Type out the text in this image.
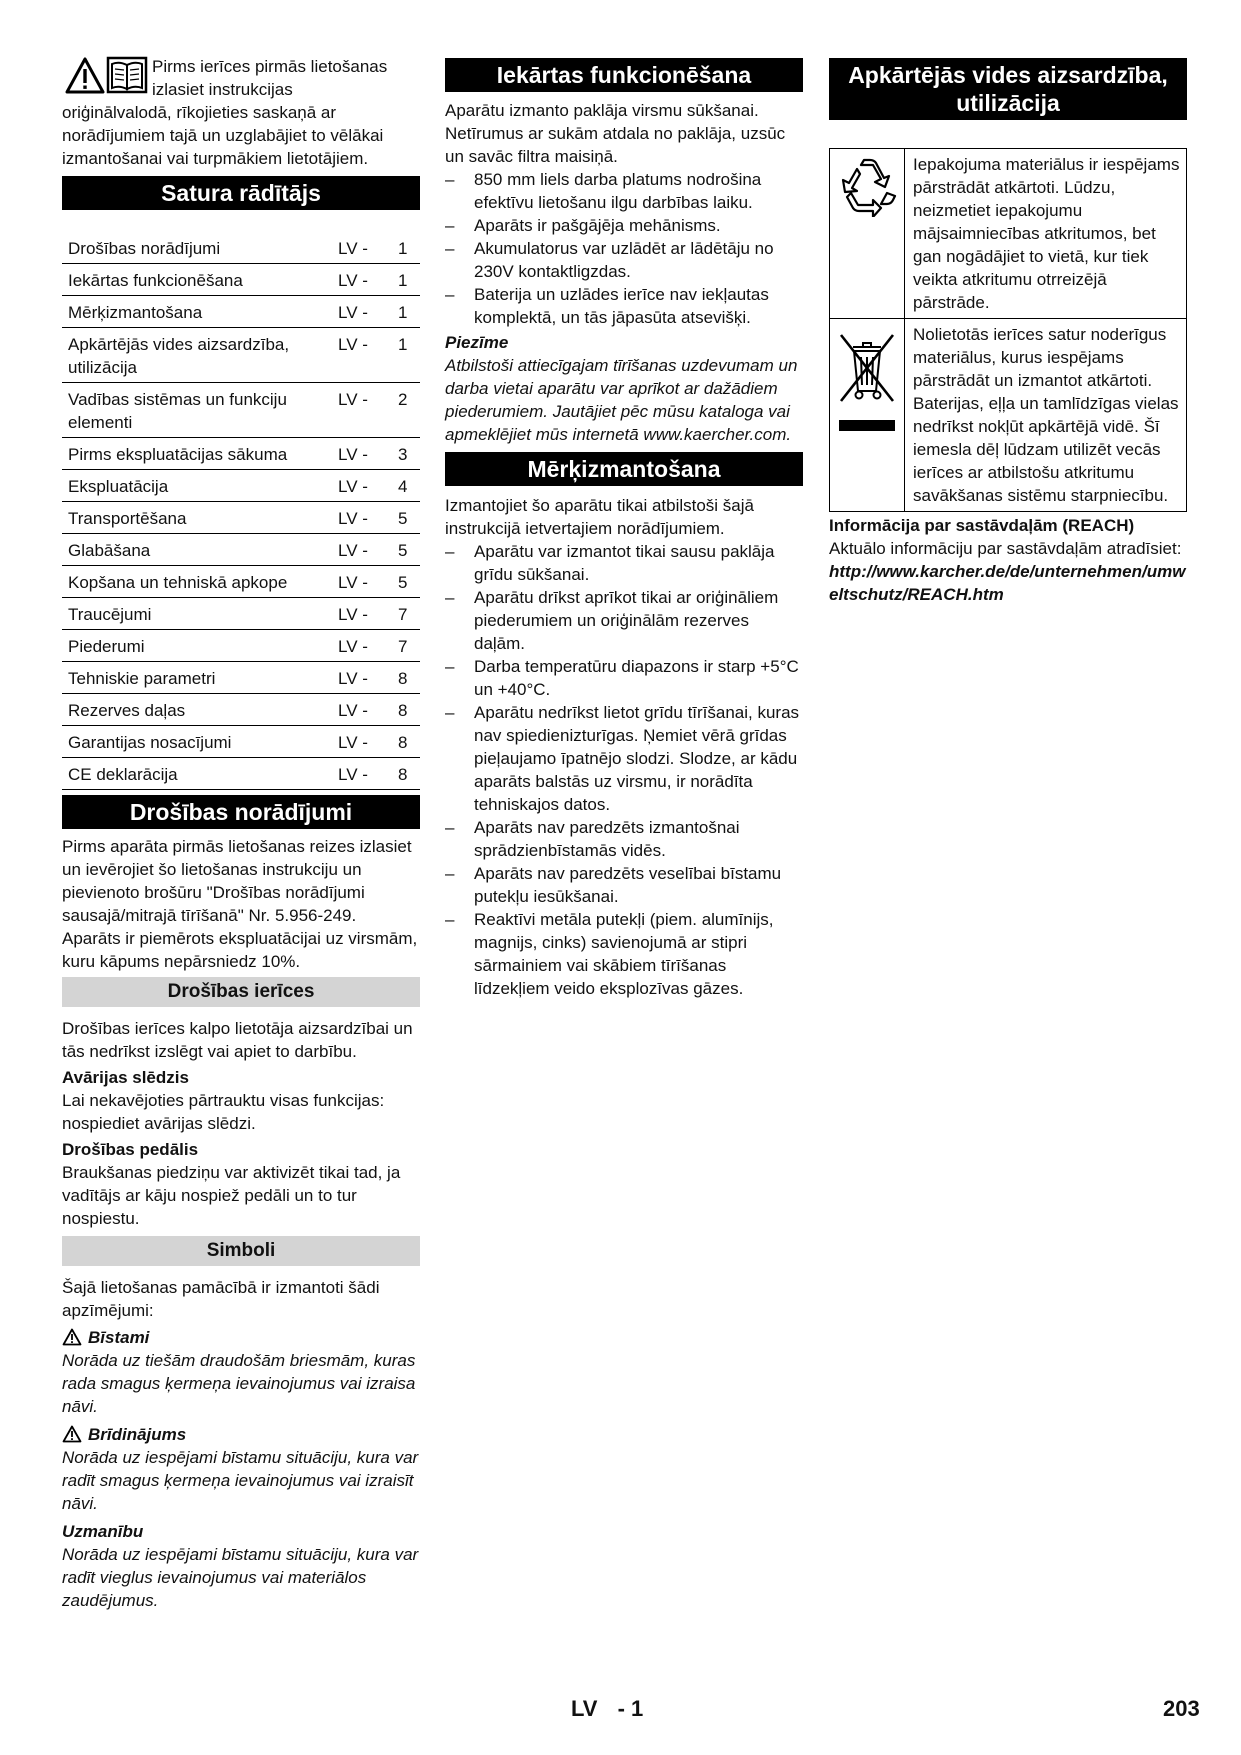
Pirms ierīces pirmās lietošanas

izlasiet instrukcijas

oriģinālvalodā, rīkojieties saskaņā ar norādījumiem tajā un uzglabājiet to vēlākai izmantošanai vai turpmākiem lietotājiem.

Satura rādītājs
Drošības norādījumi	LV -	1
Iekārtas funkcionēšana	LV -	1
Mērķizmantošana	LV -	1
Apkārtējās vides aizsardzība, utilizācija	LV -	1
Vadības sistēmas un funkciju elementi	LV -	2
Pirms ekspluatācijas sākuma	LV -	3
Ekspluatācija	LV -	4
Transportēšana	LV -	5
Glabāšana	LV -	5
Kopšana un tehniskā apkope	LV -	5
Traucējumi	LV -	7
Piederumi	LV -	7
Tehniskie parametri	LV -	8
Rezerves daļas	LV -	8
Garantijas nosacījumi	LV -	8
CE deklarācija	LV -	8
Drošības norādījumi

Pirms aparāta pirmās lietošanas reizes izlasiet un ievērojiet šo lietošanas instrukciju un pievienoto brošūru "Drošības norādījumi sausajā/mitrajā tīrīšanā" Nr. 5.956-249.

Aparāts ir piemērots ekspluatācijai uz virsmām, kuru kāpums nepārsniedz 10%.

Drošības ierīces

Drošības ierīces kalpo lietotāja aizsardzībai un tās nedrīkst izslēgt vai apiet to darbību.

Avārijas slēdzis

Lai nekavējoties pārtrauktu visas funkcijas: nospiediet avārijas slēdzi.

Drošības pedālis

Braukšanas piedziņu var aktivizēt tikai tad, ja vadītājs ar kāju nospiež pedāli un to tur nospiestu.

Simboli

Šajā lietošanas pamācībā ir izmantoti šādi apzīmējumi:

Bīstami

Norāda uz tiešām draudošām briesmām, kuras rada smagus ķermeņa ievainojumus vai izraisa nāvi.

Brīdinājums

Norāda uz iespējami bīstamu situāciju, kura var radīt smagus ķermeņa ievainojumus vai izraisīt nāvi.

Uzmanību

Norāda uz iespējami bīstamu situāciju, kura var radīt vieglus ievainojumus vai materiālos zaudējumus.

Iekārtas funkcionēšana

Aparātu izmanto paklāja virsmu sūkšanai. Netīrumus ar sukām atdala no paklāja, uzsūc un savāc filtra maisiņā.

– 850 mm liels darba platums nodrošina efektīvu lietošanu ilgu darbības laiku.
– Aparāts ir pašgājēja mehānisms.
– Akumulatorus var uzlādēt ar lādētāju no 230V kontaktligzdas.
– Baterija un uzlādes ierīce nav iekļautas komplektā, un tās jāpasūta atsevišķi.

Piezīme

Atbilstoši attiecīgajam tīrīšanas uzdevumam un darba vietai aparātu var aprīkot ar dažādiem piederumiem. Jautājiet pēc mūsu kataloga vai apmeklējiet mūs internetā www.kaercher.com.

Mērķizmantošana

Izmantojiet šo aparātu tikai atbilstoši šajā instrukcijā ietvertajiem norādījumiem.

– Aparātu var izmantot tikai sausu paklāja grīdu sūkšanai.
– Aparātu drīkst aprīkot tikai ar oriģināliem piederumiem un oriģinālām rezerves daļām.
– Darba temperatūru diapazons ir starp +5°C un +40°C.
– Aparātu nedrīkst lietot grīdu tīrīšanai, kuras nav spiedienizturīgas. Ņemiet vērā grīdas pieļaujamo īpatnējo slodzi. Slodze, ar kādu aparāts balstās uz virsmu, ir norādīta tehniskajos datos.
– Aparāts nav paredzēts izmantošnai sprādzienbīstamās vidēs.
– Aparāts nav paredzēts veselībai bīstamu putekļu iesūkšanai.
– Reaktīvi metāla putekļi (piem. alumīnijs, magnijs, cinks) savienojumā ar stipri sārmainiem vai skābiem tīrīšanas līdzekļiem veido eksplozīvas gāzes.
Apkārtējās vides aizsardzība, utilizācija
	Iepakojuma materiālus ir iespējams pārstrādāt atkārtoti. Lūdzu, neizmetiet iepakojumu mājsaimniecības atkritumos, bet gan nogādājiet to vietā, kur tiek veikta atkritumu otrreizējā pārstrāde.
	Nolietotās ierīces satur noderīgus materiālus, kurus iespējams pārstrādāt un izmantot atkārtoti. Baterijas, eļļa un tamlīdzīgas vielas nedrīkst nokļūt apkārtējā vidē. Šī iemesla dēļ lūdzam utilizēt vecās ierīces ar atbilstošu atkritumu savākšanas sistēmu starpniecību.

Informācija par sastāvdaļām (REACH)

Aktuālo informāciju par sastāvdaļām atradīsiet:

http://www.karcher.de/de/unternehmen/umweltschutz/REACH.htm

LV - 1	203
